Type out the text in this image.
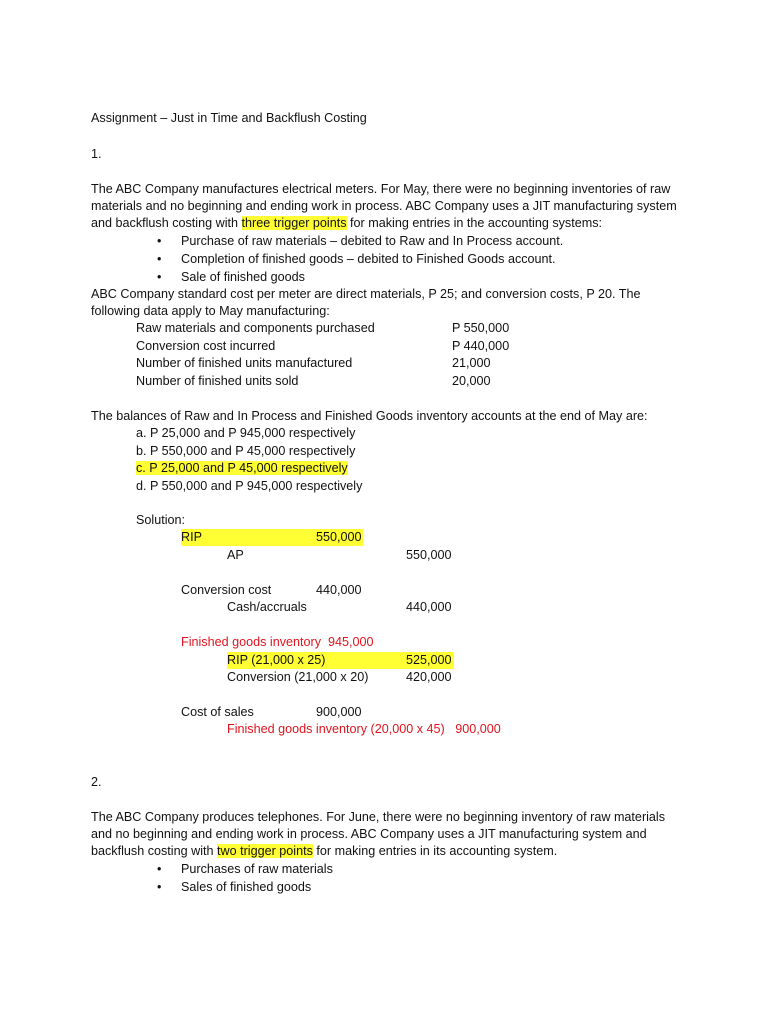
Assignment – Just in Time and Backflush Costing
1.
The ABC Company manufactures electrical meters. For May, there were no beginning inventories of raw
materials and no beginning and ending work in process. ABC Company uses a JIT manufacturing system
and backflush costing with three trigger points for making entries in the accounting systems:
• Purchase of raw materials – debited to Raw and In Process account.
• Completion of finished goods – debited to Finished Goods account.
• Sale of finished goods
ABC Company standard cost per meter are direct materials, P 25; and conversion costs, P 20. The
following data apply to May manufacturing:
Raw materials and components purchased	P 550,000
Conversion cost incurred	P 440,000
Number of finished units manufactured	21,000
Number of finished units sold	20,000
The balances of Raw and In Process and Finished Goods inventory accounts at the end of May are:
a. P 25,000 and P 945,000 respectively
b. P 550,000 and P 45,000 respectively
c. P 25,000 and P 45,000 respectively
d. P 550,000 and P 945,000 respectively
Solution:
RIP	550,000
AP	550,000
Conversion cost	440,000
Cash/accruals	440,000
Finished goods inventory 945,000
RIP (21,000 x 25)	525,000
Conversion (21,000 x 20)	420,000
Cost of sales	900,000
Finished goods inventory (20,000 x 45) 900,000
2.
The ABC Company produces telephones. For June, there were no beginning inventory of raw materials
and no beginning and ending work in process. ABC Company uses a JIT manufacturing system and
backflush costing with two trigger points for making entries in its accounting system.
• Purchases of raw materials
• Sales of finished goods
